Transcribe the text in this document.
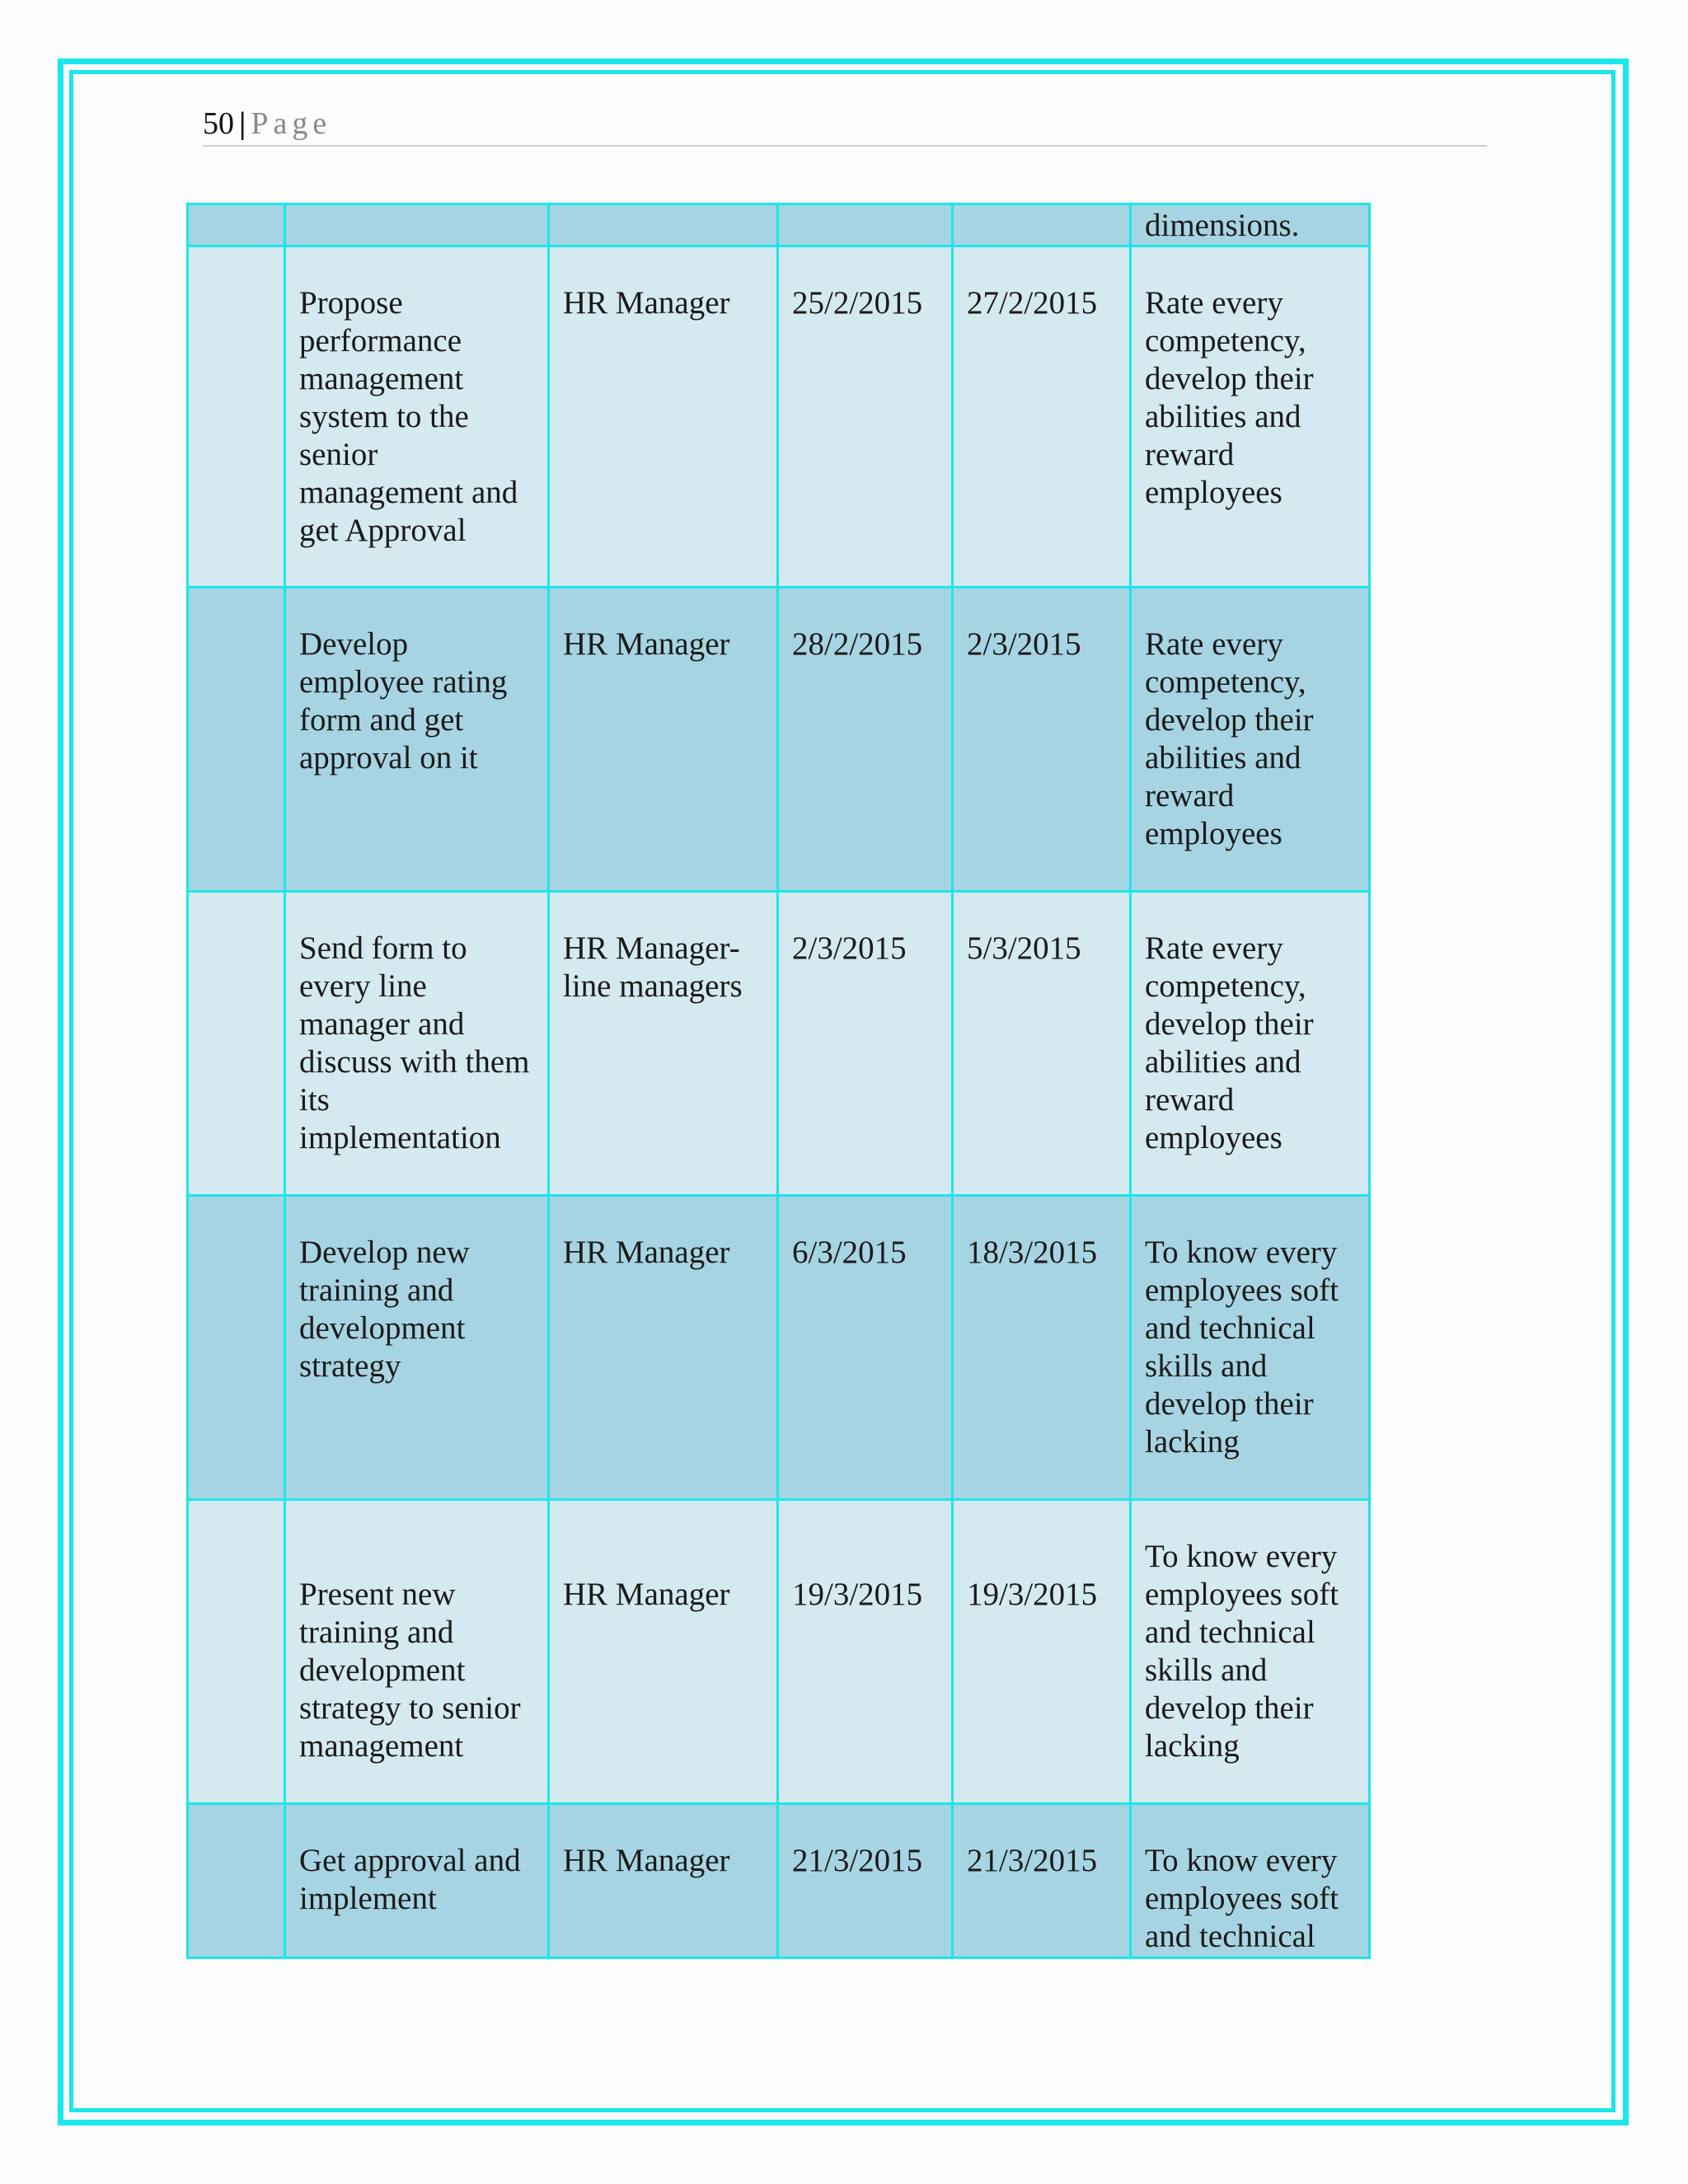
50 | Page

					dimensions.

	Propose performance management system to the senior management and get Approval	HR Manager	25/2/2015	27/2/2015	Rate every competency, develop their abilities and reward employees

	Develop employee rating form and get approval on it	HR Manager	28/2/2015	2/3/2015	Rate every competency, develop their abilities and reward employees

	Send form to every line manager and discuss with them its implementation	HR Manager-line managers	2/3/2015	5/3/2015	Rate every competency, develop their abilities and reward employees

	Develop new training and development strategy	HR Manager	6/3/2015	18/3/2015	To know every employees soft and technical skills and develop their lacking

	Present new training and development strategy to senior management	HR Manager	19/3/2015	19/3/2015	To know every employees soft and technical skills and develop their lacking

	Get approval and implement	HR Manager	21/3/2015	21/3/2015	To know every employees soft and technical
